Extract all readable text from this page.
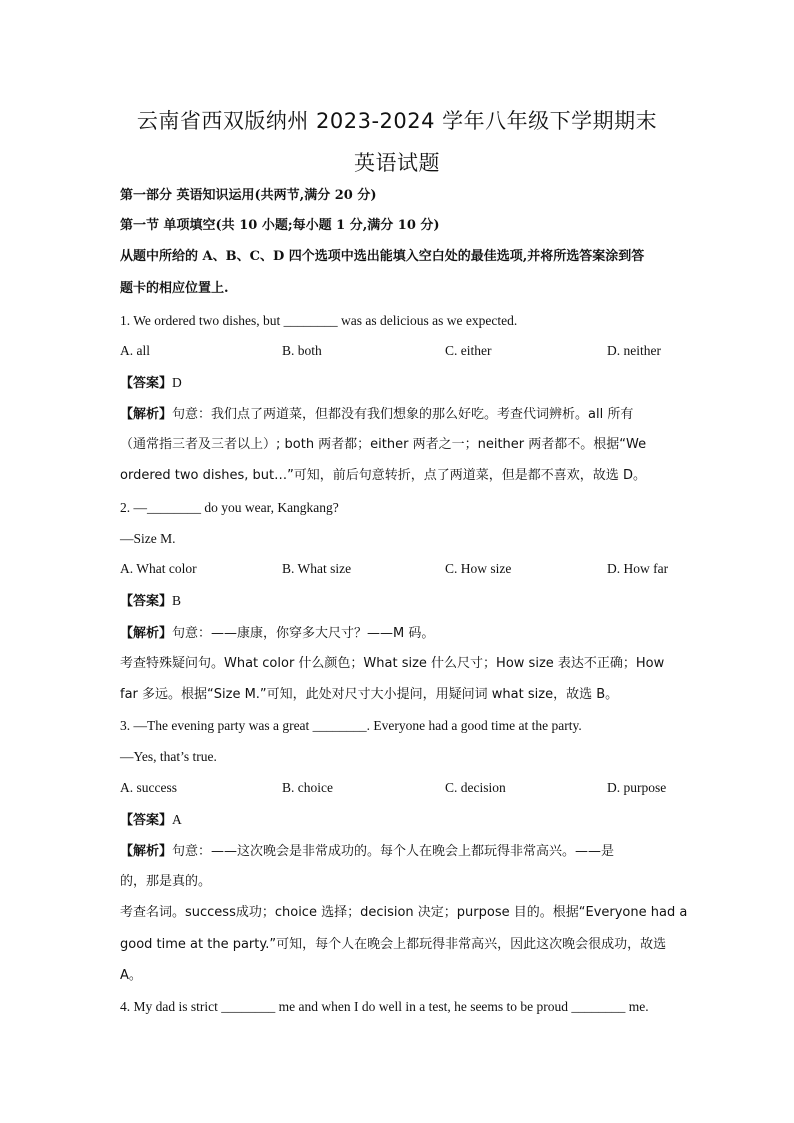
云南省西双版纳州 2023-2024 学年八年级下学期期末
英语试题
第一部分 英语知识运用(共两节,满分 20 分)
第一节 单项填空(共 10 小题;每小题 1 分,满分 10 分)
从题中所给的 A、B、C、D 四个选项中选出能填入空白处的最佳选项,并将所选答案涂到答
题卡的相应位置上.
1. We ordered two dishes, but ________ was as delicious as we expected.
A. all	B. both	C. either	D. neither
【答案】D
【解析】句意：我们点了两道菜，但都没有我们想象的那么好吃。考查代词辨析。all 所有
（通常指三者及三者以上）; both 两者都；either 两者之一；neither 两者都不。根据“We
ordered two dishes, but…”可知，前后句意转折，点了两道菜，但是都不喜欢，故选 D。
2. —________ do you wear, Kangkang?
—Size M.
A. What color	B. What size	C. How size	D. How far
【答案】B
【解析】句意：——康康，你穿多大尺寸？——M 码。
考查特殊疑问句。What color 什么颜色；What size 什么尺寸；How size 表达不正确；How
far 多远。根据“Size M.”可知，此处对尺寸大小提问，用疑问词 what size，故选 B。
3. —The evening party was a great ________. Everyone had a good time at the party.
—Yes, that’s true.
A. success	B. choice	C. decision	D. purpose
【答案】A
【解析】句意：——这次晚会是非常成功的。每个人在晚会上都玩得非常高兴。——是
的，那是真的。
考查名词。success成功；choice 选择；decision 决定；purpose 目的。根据“Everyone had a
good time at the party.”可知，每个人在晚会上都玩得非常高兴，因此这次晚会很成功，故选
A。
4. My dad is strict ________ me and when I do well in a test, he seems to be proud ________ me.
